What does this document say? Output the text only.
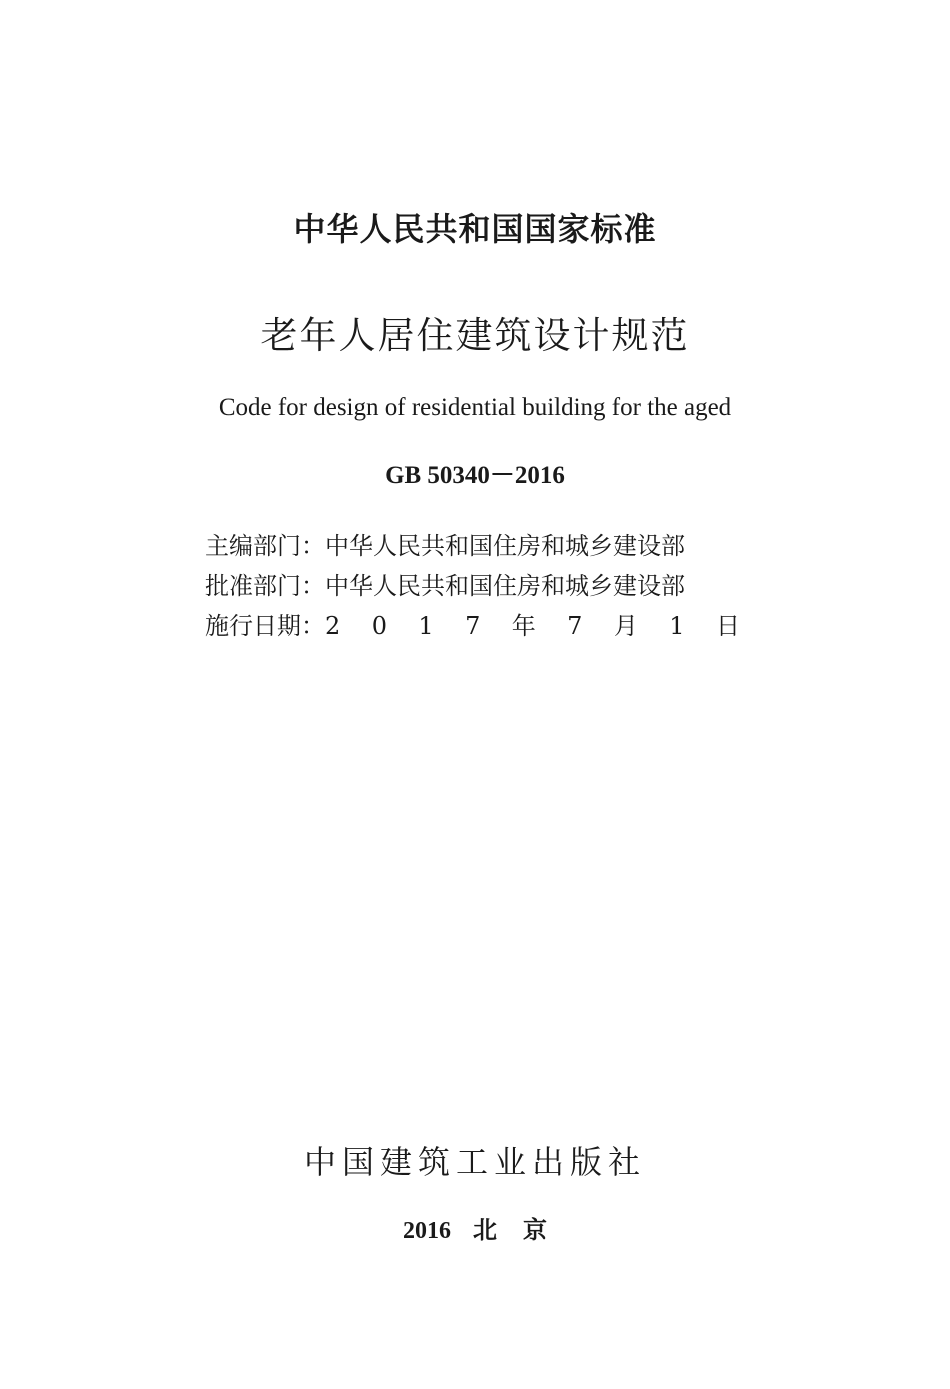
中华人民共和国国家标准
老年人居住建筑设计规范
Code for design of residential building for the aged
GB 50340－2016
主编部门： 中华人民共和国住房和城乡建设部
批准部门： 中华人民共和国住房和城乡建设部
施行日期： 2 0 1 7 年 7 月 1 日
中国建筑工业出版社
2016 北 京
